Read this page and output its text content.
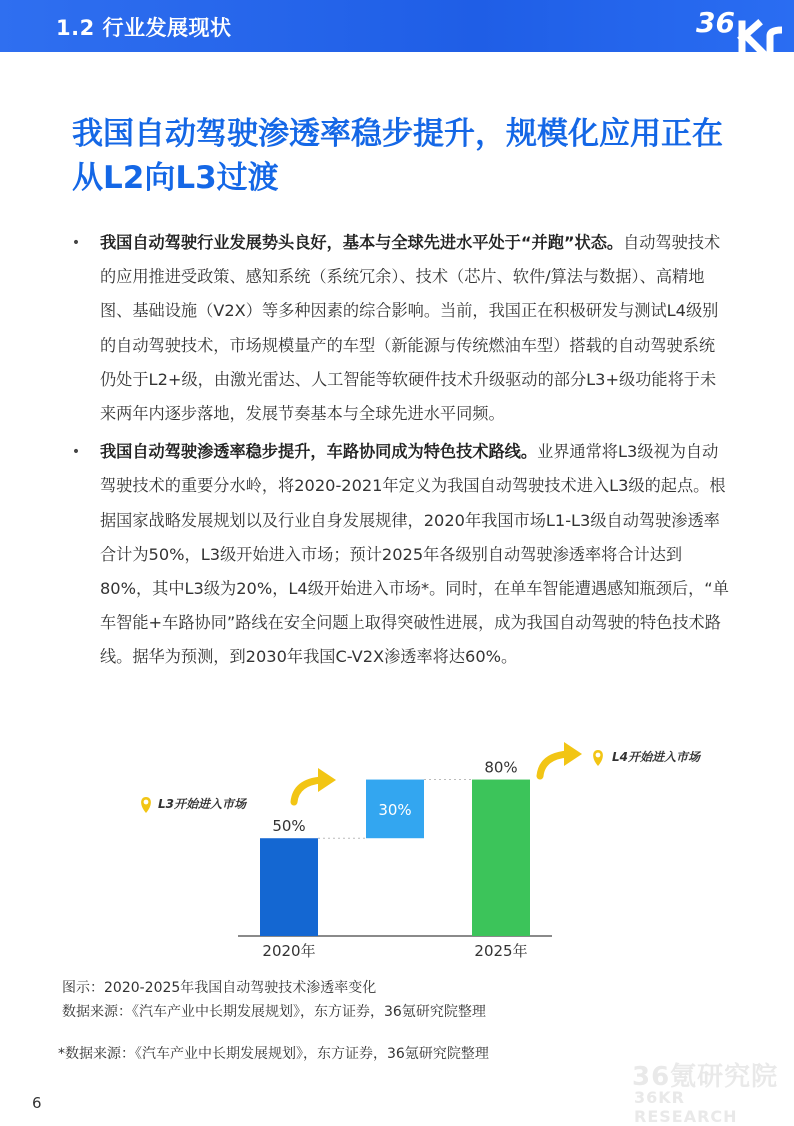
1.2 行业发展现状	36
我国自动驾驶渗透率稳步提升，规模化应用正在从L2向L3过渡
• 我国自动驾驶行业发展势头良好，基本与全球先进水平处于“并跑”状态。自动驾驶技术的应用推进受政策、感知系统（系统冗余）、技术（芯片、软件/算法与数据）、高精地图、基础设施（V2X）等多种因素的综合影响。当前，我国正在积极研发与测试L4级别的自动驾驶技术，市场规模量产的车型（新能源与传统燃油车型）搭载的自动驾驶系统仍处于L2+级，由激光雷达、人工智能等软硬件技术升级驱动的部分L3+级功能将于未来两年内逐步落地，发展节奏基本与全球先进水平同频。
• 我国自动驾驶渗透率稳步提升，车路协同成为特色技术路线。业界通常将L3级视为自动驾驶技术的重要分水岭，将2020-2021年定义为我国自动驾驶技术进入L3级的起点。根据国家战略发展规划以及行业自身发展规律，2020年我国市场L1-L3级自动驾驶渗透率合计为50%，L3级开始进入市场；预计2025年各级别自动驾驶渗透率将合计达到80%，其中L3级为20%，L4级开始进入市场*。同时，在单车智能遭遇感知瓶颈后，“单车智能+车路协同”路线在安全问题上取得突破性进展，成为我国自动驾驶的特色技术路线。据华为预测，到2030年我国C-V2X渗透率将达60%。
50%
2020年
30%
80%
2025年
L3开始进入市场
L4开始进入市场
图示：2020-2025年我国自动驾驶技术渗透率变化
数据来源：《汽车产业中长期发展规划》，东方证券，36氪研究院整理
*数据来源：《汽车产业中长期发展规划》，东方证券，36氪研究院整理
36氪研究院
36KR RESEARCH
6
